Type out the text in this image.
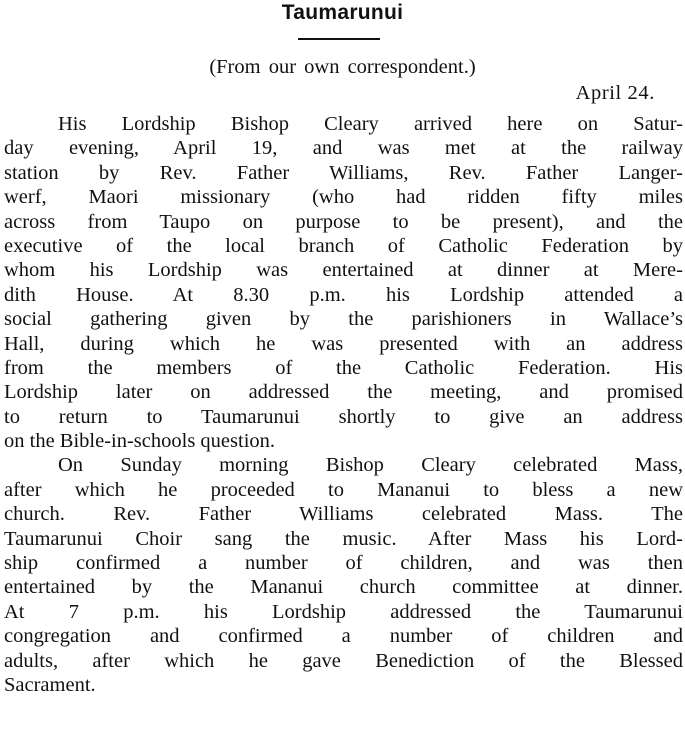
Taumarunui
(From our own correspondent.)
April 24.
His Lordship Bishop Cleary arrived here on Satur-
day evening, April 19, and was met at the railway
station by Rev. Father Williams, Rev. Father Langer-
werf, Maori missionary (who had ridden fifty miles
across from Taupo on purpose to be present), and the
executive of the local branch of Catholic Federation by
whom his Lordship was entertained at dinner at Mere-
dith House. At 8.30 p.m. his Lordship attended a
social gathering given by the parishioners in Wallace’s
Hall, during which he was presented with an address
from the members of the Catholic Federation. His
Lordship later on addressed the meeting, and promised
to return to Taumarunui shortly to give an address
on the Bible-in-schools question.
On Sunday morning Bishop Cleary celebrated Mass,
after which he proceeded to Mananui to bless a new
church. Rev. Father Williams celebrated Mass. The
Taumarunui Choir sang the music. After Mass his Lord-
ship confirmed a number of children, and was then
entertained by the Mananui church committee at dinner.
At 7 p.m. his Lordship addressed the Taumarunui
congregation and confirmed a number of children and
adults, after which he gave Benediction of the Blessed
Sacrament.
